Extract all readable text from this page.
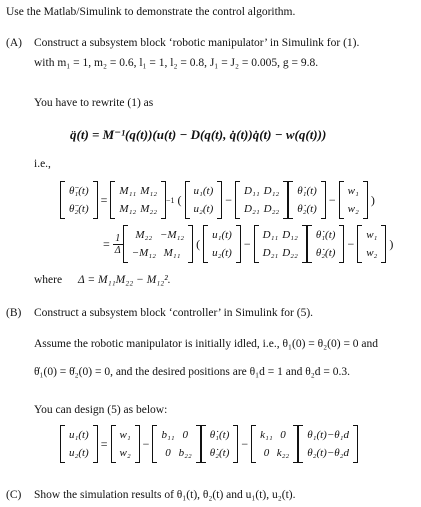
Use the Matlab/Simulink to demonstrate the control algorithm.
(A) Construct a subsystem block ‘robotic manipulator’ in Simulink for (1).
with m₁ = 1, m₂ = 0.6, l₁ = 1, l₂ = 0.8, J₁ = J₂ = 0.005, g = 9.8.
You have to rewrite (1) as
q̈(t) = M⁻¹(q(t))(u(t) − D(q(t), q̇(t))q̇(t) − w(q(t)))
i.e.,
θ̈₁(t)
θ̈₂(t)
=
M₁₁ M₁₂
M₁₂ M₂₂
−1 (
u₁(t)
u₂(t)
−
D₁₁ D₁₂
D₂₁ D₂₂
θ̇₁(t)
θ̇₂(t)
−
w₁
w₂
)
= $\frac{1}{\Delta}$	M₂₂ −M₁₂
−M₁₂ M₁₁
(
u₁(t)
u₂(t)
−
D₁₁ D₁₂
D₂₁ D₂₂
θ̇₁(t)
θ̇₂(t)
−
w₁
w₂
)
where Δ = M₁₁M₂₂ − M₁₂².
(B) Construct a subsystem block ‘controller’ in Simulink for (5).
Assume the robotic manipulator is initially idled, i.e., θ₁(0) = θ₂(0) = 0 and
θ̇₁(0) = θ̇₂(0) = 0, and the desired positions are θ₁d = 1 and θ₂d = 0.3.
You can design (5) as below:
u₁(t)
u₂(t)
=
w₁
w₂
−
b₁₁ 0
0 b₂₂
θ̇₁(t)
θ̇₂(t)
−
k₁₁ 0
0 k₂₂
θ₁(t)−θ₁d
θ₂(t)−θ₂d
(C) Show the simulation results of θ₁(t), θ₂(t) and u₁(t), u₂(t).
